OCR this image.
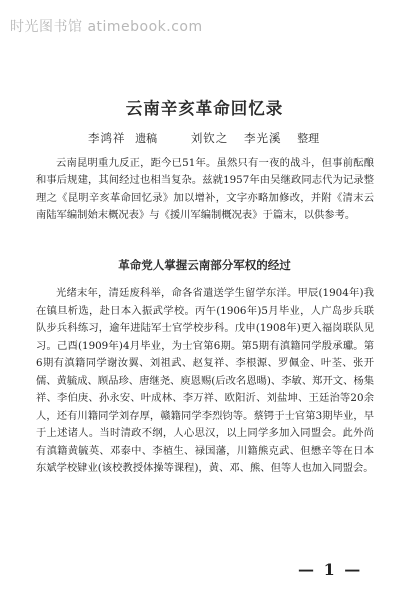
时光图书馆 atimebook.com
云南辛亥革命回忆录
李鸿祥 遗稿	刘钦之 李光溪 整理

云南昆明重九反正，距今已51年。虽然只有一夜的战斗，但事前酝酿和事后规建，其间经过也相当复杂。兹就1957年由吴继政同志代为记录整理之《昆明辛亥革命回忆录》加以增补，文字亦略加修改，并附《清末云南陆军编制始末概况表》与《援川军编制概况表》于篇末，以供参考。

革命党人掌握云南部分军权的经过

光绪末年，清廷废科举，命各省遣送学生留学东洋。甲辰(1904年)我在镇旦析选，赴日本入振武学校。丙午(1906年)5月毕业，人广岛步兵联队步兵科练习，逾年进陆军士官学校步科。戊申(1908年)更入福岗联队见习。己酉(1909年)4月毕业，为士官第6期。第5期有滇籍同学殷承瓛。第6期有滇籍同学谢汝翼、刘祖武、赵复祥、李根源、罗佩金、叶荃、张开儒、黄毓成、顾品珍、唐继尧、庾恩赐(后改名恩暘)、李敏、郑开文、杨集祥、李伯庚、孙永安、叶成林、李万祥、欧阳沂、刘盐坤、王廷治等20余人，还有川籍同学刘存厚，赣籍同学李烈钧等。蔡锷于士官第3期毕业，早于上述诸人。当时清政不纲，人心思汉，以上同学多加入同盟会。此外尚有滇籍黄毓英、邓泰中、李植生、禄国藩，川籍熊克武、但懋辛等在日本东斌学校肄业(该校教授体操等课程)，黄、邓、熊、但等人也加入同盟会。

— 1 —
